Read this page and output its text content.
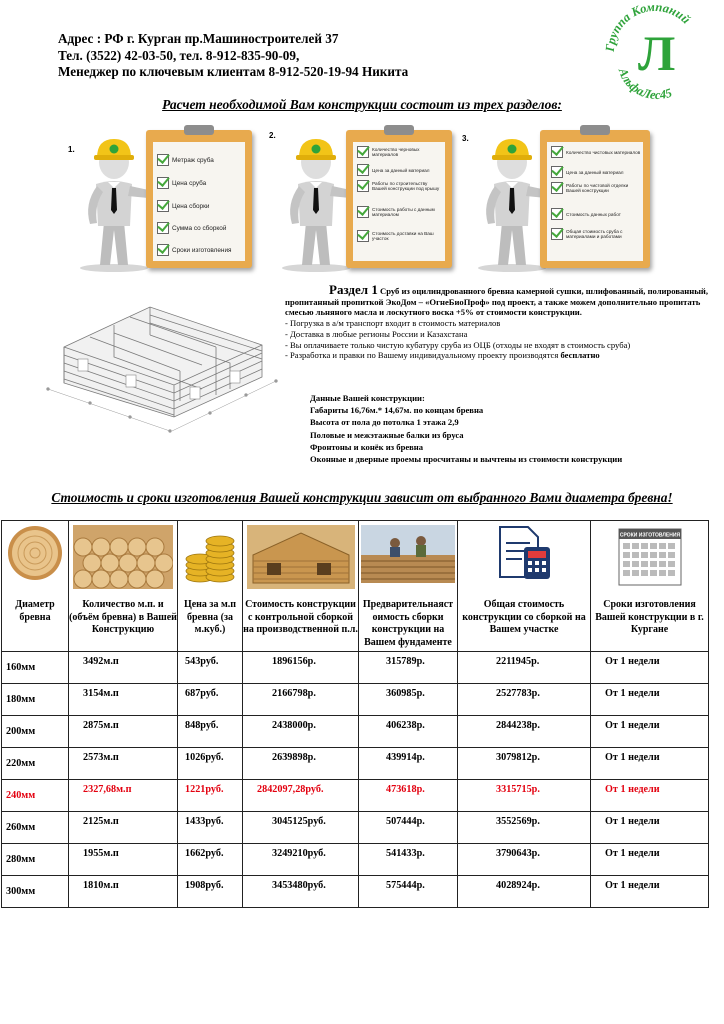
Адрес : РФ г. Курган пр.Машиностроителей 37
Тел. (3522) 42-03-50, тел. 8-912-835-90-09,
Менеджер по ключевым клиентам 8-912-520-19-94 Никита
Группа Компаний
Л
АльфаЛес45
Расчет необходимой Вам конструкции состоит из трех разделов:
1.
Метраж сруба
Цена сруба
Цена сборки
Сумма со сборкой
Сроки изготовления
2.
Количество черновых материалов
Цена за данный материал
Работы по строительству Вашей конструкции под крышу
Стоимость работы с данным материалом
Стоимость доставки на Ваш участок
3.
Количество чистовых материалов
Цена за данный материал
Работы по чистовой отделки Вашей конструкции
Стоимость данных работ
Общая стоимость сруба с материалами и работами
Раздел 1 Сруб из оцилиндрованного бревна камерной сушки, шлифованный, полированный, пропитанный пропиткой ЭкоДом – «ОгнеБиоПроф» под проект, а также можем дополнительно пропитать смесью льняного масла и лоскутного воска +5% от стоимости конструкции.
- Погрузка в а/м транспорт входит в стоимость материалов
- Доставка в любые регионы России и Казахстана
- Вы оплачиваете только чистую кубатуру сруба из ОЦБ (отходы не входят в стоимость сруба)
- Разработка и правки по Вашему индивидуальному проекту производятся бесплатно
Данные Вашей конструкции:
Габариты 16,76м.* 14,67м. по концам бревна
Высота от пола до потолка 1 этажа 2,9
Половые и межэтажные балки из бруса
Фронтоны и конёк из бревна
Оконные и дверные проемы просчитаны и вычтены из стоимости конструкции
Стоимость и сроки изготовления Вашей конструкции зависит от выбранного Вами диаметра бревна!
Диаметр бревна	Количество м.п. и (объём бревна) в Вашей Конструкцию	Цена за м.п бревна (за м.куб.)	Стоимость конструкции с контрольной сборкой на производственной п.л.	Предварительнаяст оимость сборки конструкции на Вашем фундаменте	Общая стоимость конструкции со сборкой на Вашем участке	СРОКИ ИЗГОТОВЛЕНИЯ
Сроки изготовления Вашей конструкции в г. Кургане

160мм	3492м.п	543руб.	1896156р.	315789р.	2211945р.	От 1 недели

180мм	3154м.п	687руб.	2166798р.	360985р.	2527783р.	От 1 недели

200мм	2875м.п	848руб.	2438000р.	406238р.	2844238р.	От 1 недели

220мм	2573м.п	1026руб.	2639898р.	439914р.	3079812р.	От 1 недели

240мм	2327,68м.п	1221руб.	2842097,28руб.	473618р.	3315715р.	От 1 недели

260мм	2125м.п	1433руб.	3045125руб.	507444р.	3552569р.	От 1 недели

280мм	1955м.п	1662руб.	3249210руб.	541433р.	3790643р.	От 1 недели

300мм	1810м.п	1908руб.	3453480руб.	575444р.	4028924р.	От 1 недели
